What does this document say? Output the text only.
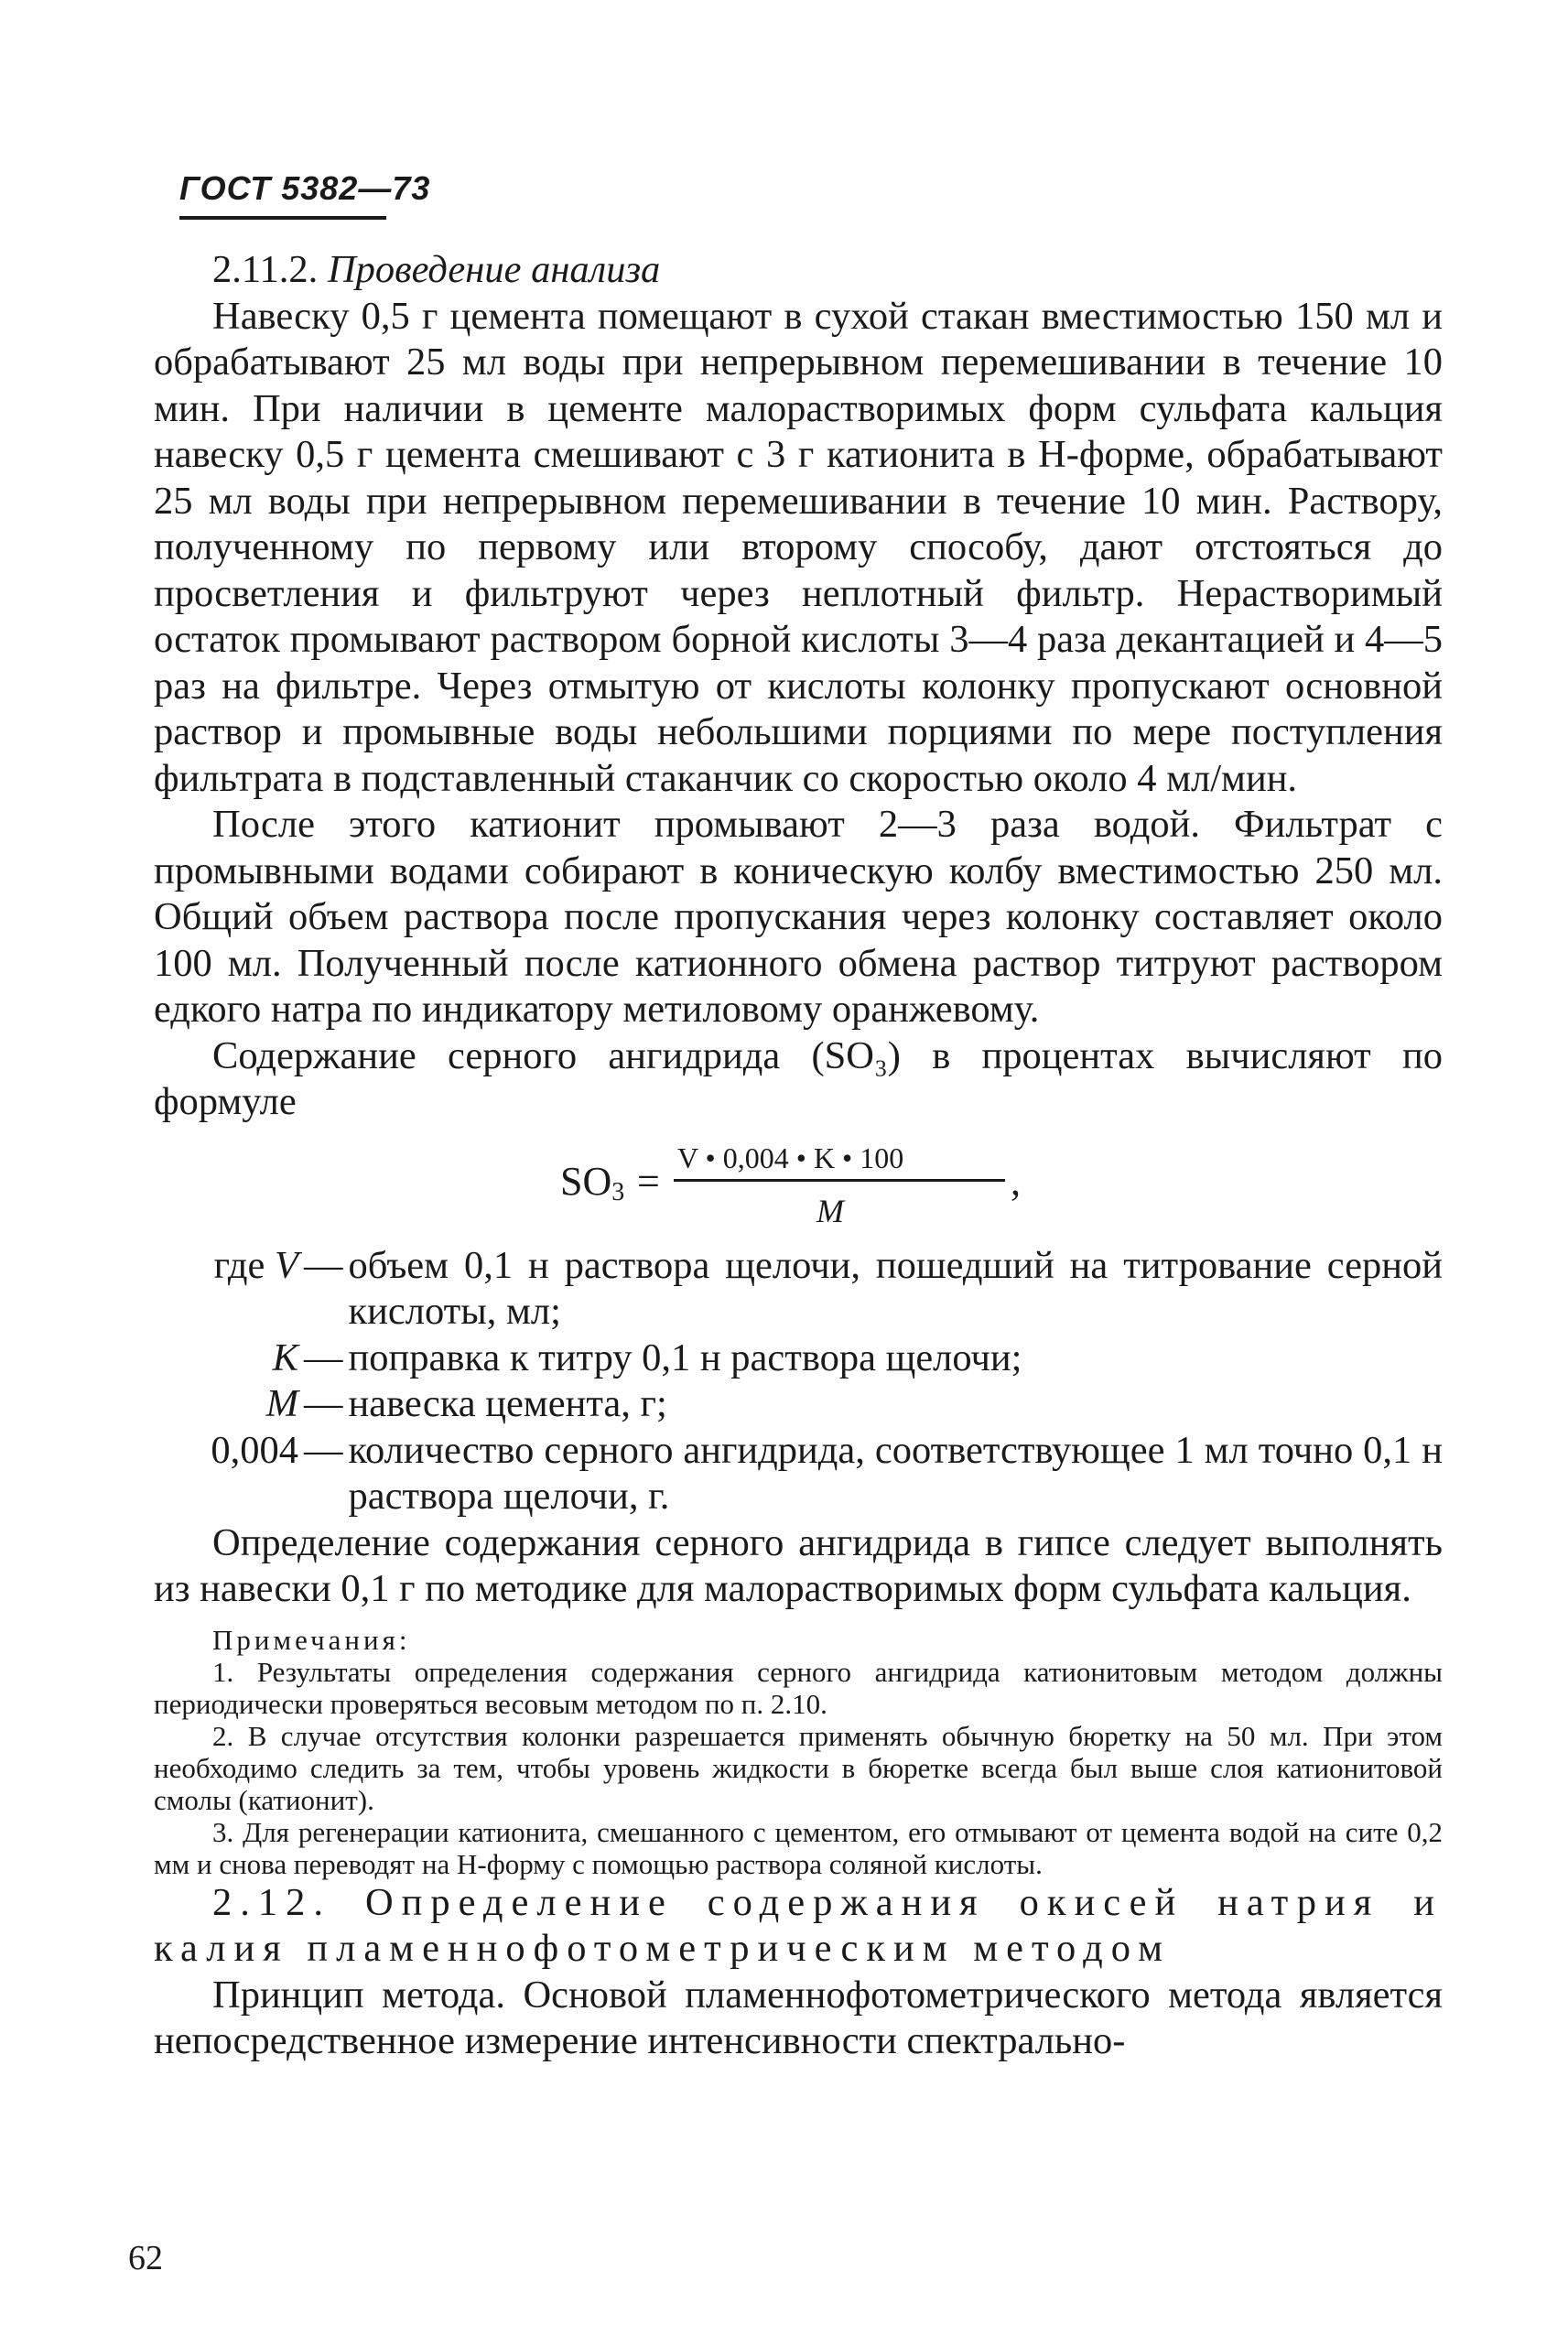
ГОСТ 5382—73
2.11.2. Проведение анализа

Навеску 0,5 г цемента помещают в сухой стакан вместимостью 150 мл и обрабатывают 25 мл воды при непрерывном перемешивании в течение 10 мин. При наличии в цементе малорастворимых форм сульфата кальция навеску 0,5 г цемента смешивают с 3 г катионита в Н-форме, обрабатывают 25 мл воды при непрерывном перемешивании в течение 10 мин. Раствору, полученному по первому или второму способу, дают отстояться до просветления и фильтруют через неплотный фильтр. Нерастворимый остаток промывают раствором борной кислоты 3—4 раза декантацией и 4—5 раз на фильтре. Через отмытую от кислоты колонку пропускают основной раствор и промывные воды небольшими порциями по мере поступления фильтрата в подставленный стаканчик со скоростью около 4 мл/мин.

После этого катионит промывают 2—3 раза водой. Фильтрат с промывными водами собирают в коническую колбу вместимостью 250 мл. Общий объем раствора после пропускания через колонку составляет около 100 мл. Полученный после катионного обмена раствор титруют раствором едкого натра по индикатору метиловому оранжевому.

Содержание серного ангидрида (SO₃) в процентах вычисляют по формуле

$SO_3$ =
V • 0,004 • K • 100
M
,
где V — объем 0,1 н раствора щелочи, пошедший на титрование серной кислоты, мл;
K — поправка к титру 0,1 н раствора щелочи;
M — навеска цемента, г;
0,004 — количество серного ангидрида, соответствующее 1 мл точно 0,1 н раствора щелочи, г.

Определение содержания серного ангидрида в гипсе следует выполнять из навески 0,1 г по методике для малорастворимых форм сульфата кальция.

Примечания:

1. Результаты определения содержания серного ангидрида катионитовым методом должны периодически проверяться весовым методом по п. 2.10.

2. В случае отсутствия колонки разрешается применять обычную бюретку на 50 мл. При этом необходимо следить за тем, чтобы уровень жидкости в бюретке всегда был выше слоя катионитовой смолы (катионит).

3. Для регенерации катионита, смешанного с цементом, его отмывают от цемента водой на сите 0,2 мм и снова переводят на Н-форму с помощью раствора соляной кислоты.

2.12. Определение содержания окисей натрия и калия пламеннофотометрическим методом

Принцип метода. Основой пламеннофотометрического метода является непосредственное измерение интенсивности спектрально-

62
